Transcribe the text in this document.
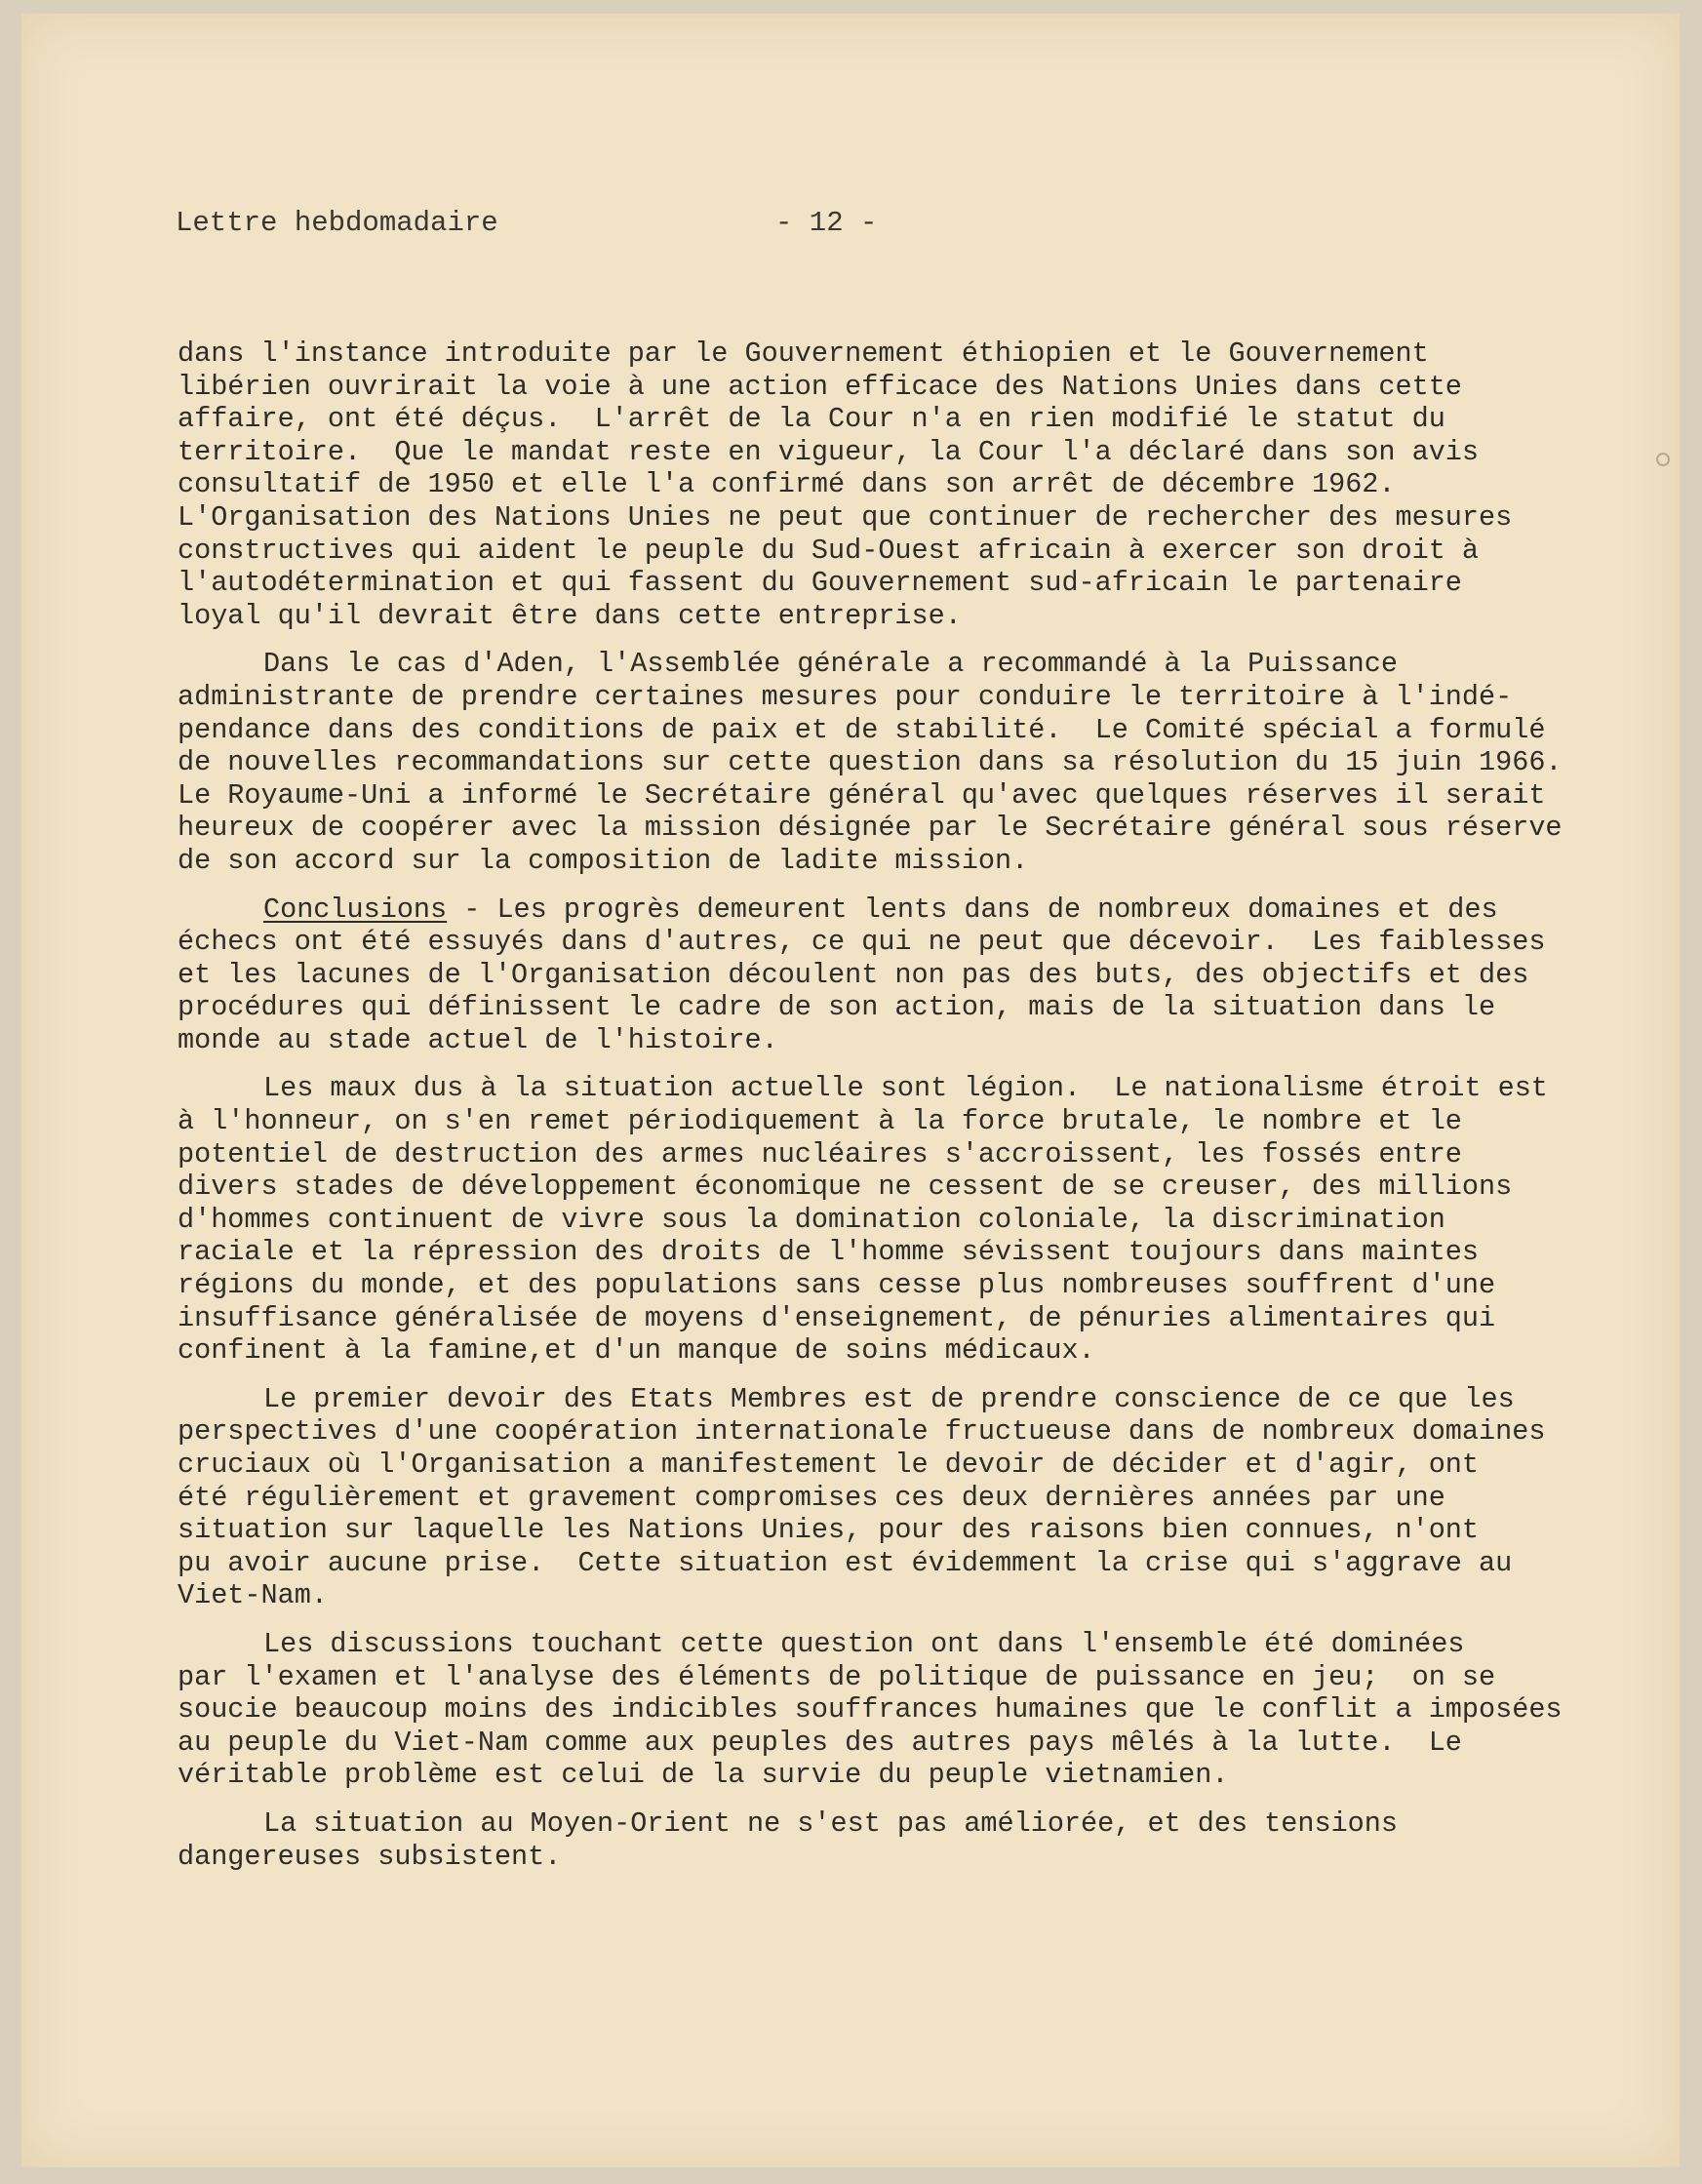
Lettre hebdomadaire	- 12 -
dans l'instance introduite par le Gouvernement éthiopien et le Gouvernement
libérien ouvrirait la voie à une action efficace des Nations Unies dans cette
affaire, ont été déçus.  L'arrêt de la Cour n'a en rien modifié le statut du
territoire.  Que le mandat reste en vigueur, la Cour l'a déclaré dans son avis
consultatif de 1950 et elle l'a confirmé dans son arrêt de décembre 1962.
L'Organisation des Nations Unies ne peut que continuer de rechercher des mesures
constructives qui aident le peuple du Sud-Ouest africain à exercer son droit à
l'autodétermination et qui fassent du Gouvernement sud-africain le partenaire
loyal qu'il devrait être dans cette entreprise.
Dans le cas d'Aden, l'Assemblée générale a recommandé à la Puissance
administrante de prendre certaines mesures pour conduire le territoire à l'indé-
pendance dans des conditions de paix et de stabilité.  Le Comité spécial a formulé
de nouvelles recommandations sur cette question dans sa résolution du 15 juin 1966.
Le Royaume-Uni a informé le Secrétaire général qu'avec quelques réserves il serait
heureux de coopérer avec la mission désignée par le Secrétaire général sous réserve
de son accord sur la composition de ladite mission.
Conclusions - Les progrès demeurent lents dans de nombreux domaines et des
échecs ont été essuyés dans d'autres, ce qui ne peut que décevoir.  Les faiblesses
et les lacunes de l'Organisation découlent non pas des buts, des objectifs et des
procédures qui définissent le cadre de son action, mais de la situation dans le
monde au stade actuel de l'histoire.
Les maux dus à la situation actuelle sont légion.  Le nationalisme étroit est
à l'honneur, on s'en remet périodiquement à la force brutale, le nombre et le
potentiel de destruction des armes nucléaires s'accroissent, les fossés entre
divers stades de développement économique ne cessent de se creuser, des millions
d'hommes continuent de vivre sous la domination coloniale, la discrimination
raciale et la répression des droits de l'homme sévissent toujours dans maintes
régions du monde, et des populations sans cesse plus nombreuses souffrent d'une
insuffisance généralisée de moyens d'enseignement, de pénuries alimentaires qui
confinent à la famine,et d'un manque de soins médicaux.
Le premier devoir des Etats Membres est de prendre conscience de ce que les
perspectives d'une coopération internationale fructueuse dans de nombreux domaines
cruciaux où l'Organisation a manifestement le devoir de décider et d'agir, ont
été régulièrement et gravement compromises ces deux dernières années par une
situation sur laquelle les Nations Unies, pour des raisons bien connues, n'ont
pu avoir aucune prise.  Cette situation est évidemment la crise qui s'aggrave au
Viet-Nam.
Les discussions touchant cette question ont dans l'ensemble été dominées
par l'examen et l'analyse des éléments de politique de puissance en jeu;  on se
soucie beaucoup moins des indicibles souffrances humaines que le conflit a imposées
au peuple du Viet-Nam comme aux peuples des autres pays mêlés à la lutte.  Le
véritable problème est celui de la survie du peuple vietnamien.
La situation au Moyen-Orient ne s'est pas améliorée, et des tensions
dangereuses subsistent.
